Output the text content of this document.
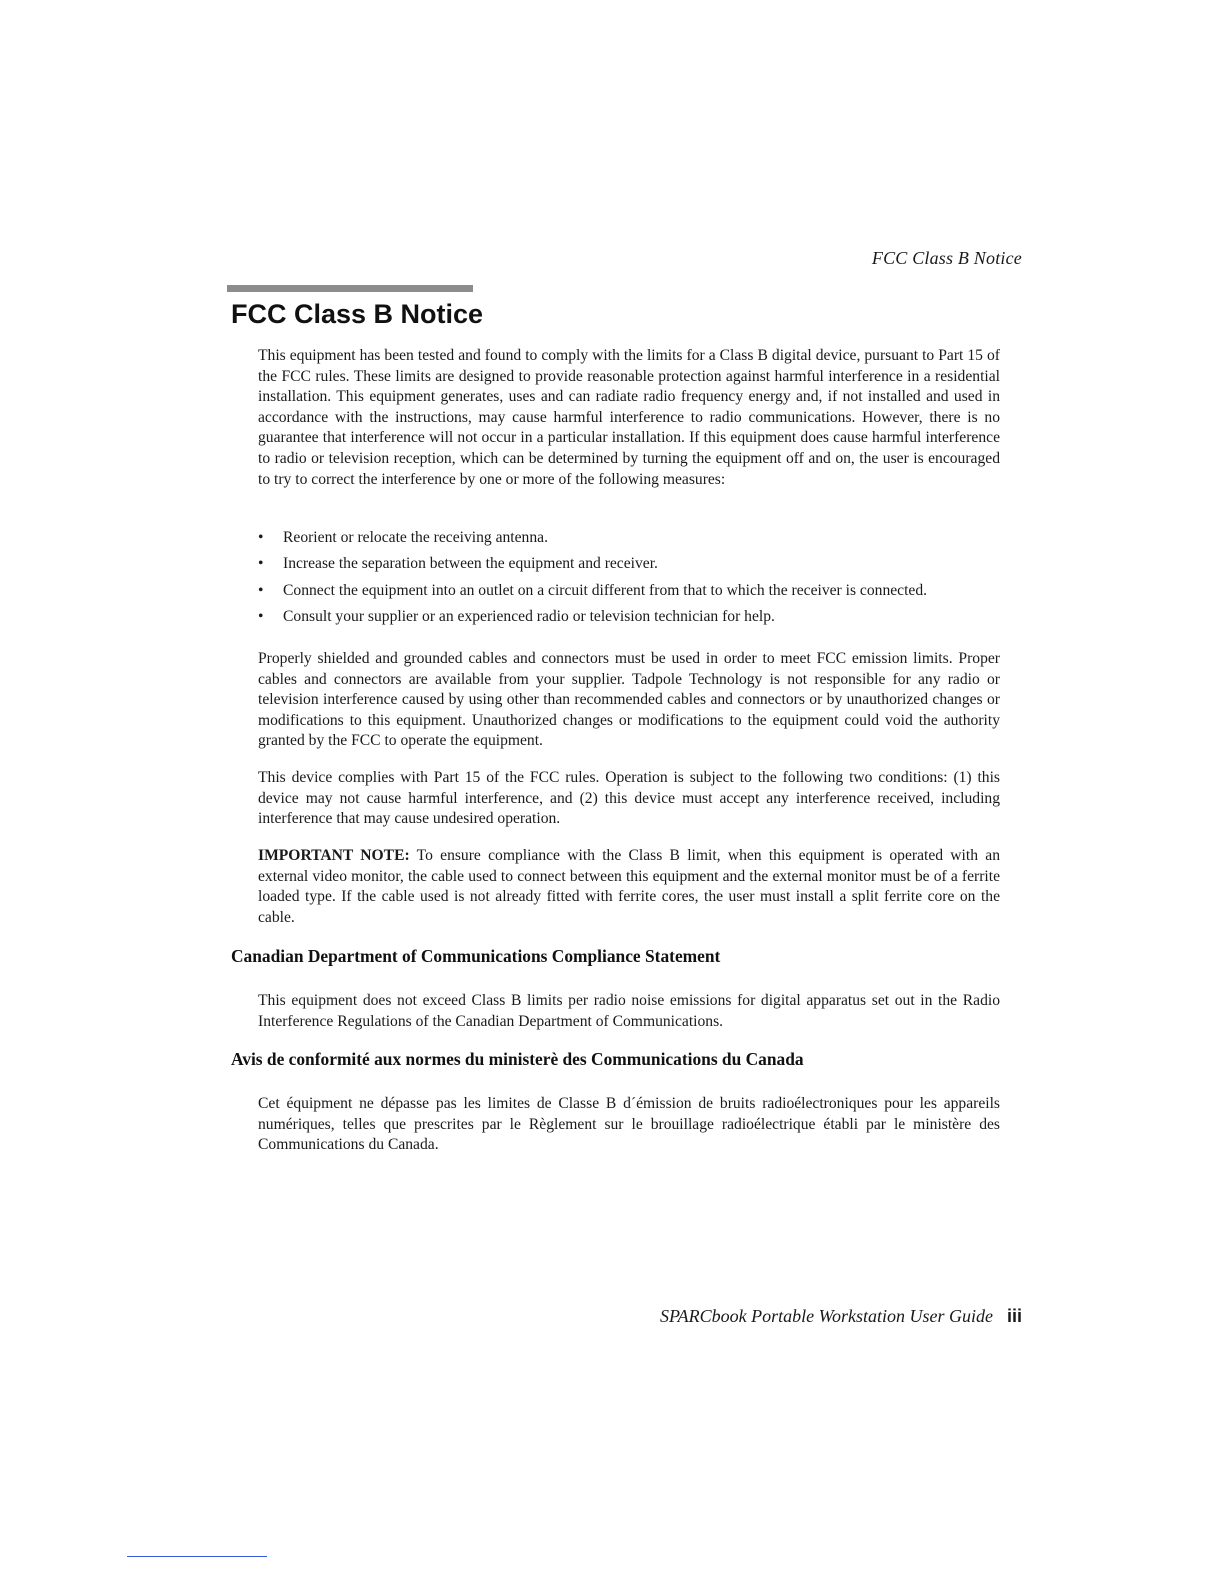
FCC Class B Notice
FCC Class B Notice

This equipment has been tested and found to comply with the limits for a Class B digital device, pursuant to Part 15 of the FCC rules. These limits are designed to provide reasonable protection against harmful interference in a residential installation. This equipment generates, uses and can radiate radio frequency energy and, if not installed and used in accordance with the instructions, may cause harmful interference to radio communications. However, there is no guarantee that interference will not occur in a particular installation. If this equipment does cause harmful interference to radio or television reception, which can be determined by turning the equipment off and on, the user is encouraged to try to correct the interference by one or more of the following measures:

• Reorient or relocate the receiving antenna.
• Increase the separation between the equipment and receiver.
• Connect the equipment into an outlet on a circuit different from that to which the receiver is connected.
• Consult your supplier or an experienced radio or television technician for help.

Properly shielded and grounded cables and connectors must be used in order to meet FCC emission limits. Proper cables and connectors are available from your supplier. Tadpole Technology is not responsible for any radio or television interference caused by using other than recommended cables and connectors or by unauthorized changes or modifications to this equipment. Unauthorized changes or modifications to the equipment could void the authority granted by the FCC to operate the equipment.

This device complies with Part 15 of the FCC rules. Operation is subject to the following two conditions: (1) this device may not cause harmful interference, and (2) this device must accept any interference received, including interference that may cause undesired operation.

IMPORTANT NOTE: To ensure compliance with the Class B limit, when this equipment is operated with an external video monitor, the cable used to connect between this equipment and the external monitor must be of a ferrite loaded type. If the cable used is not already fitted with ferrite cores, the user must install a split ferrite core on the cable.

Canadian Department of Communications Compliance Statement

This equipment does not exceed Class B limits per radio noise emissions for digital apparatus set out in the Radio Interference Regulations of the Canadian Department of Communications.

Avis de conformité aux normes du ministerè des Communications du Canada

Cet équipment ne dépasse pas les limites de Classe B d´émission de bruits radioélectroniques pour les appareils numériques, telles que prescrites par le Règlement sur le brouillage radioélectrique établi par le ministère des Communications du Canada.

SPARCbook Portable Workstation User Guide iii
